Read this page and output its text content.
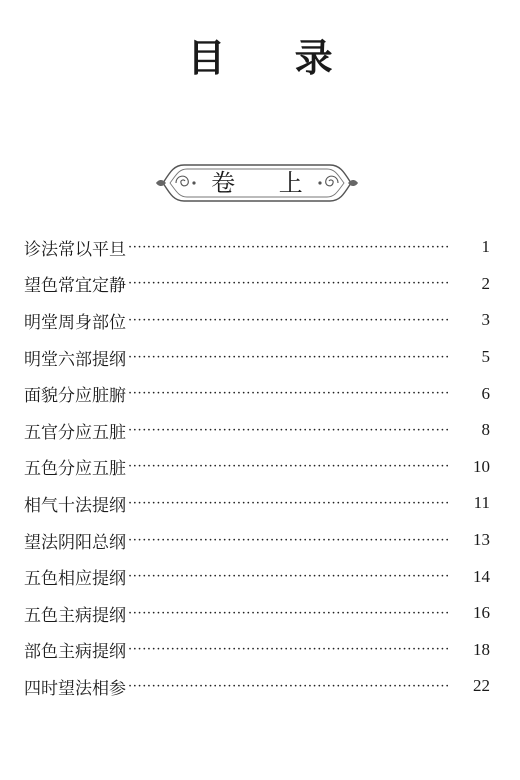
目 录
卷 上
诊法常以平旦 ·····	1
望色常宜定静 ·····	2
明堂周身部位 ·····	3
明堂六部提纲 ·····	5
面貌分应脏腑 ·····	6
五官分应五脏 ·····	8
五色分应五脏 ·····	10
相气十法提纲 ·····	11
望法阴阳总纲 ·····	13
五色相应提纲 ·····	14
五色主病提纲 ·····	16
部色主病提纲 ·····	18
四时望法相参 ·····	22
